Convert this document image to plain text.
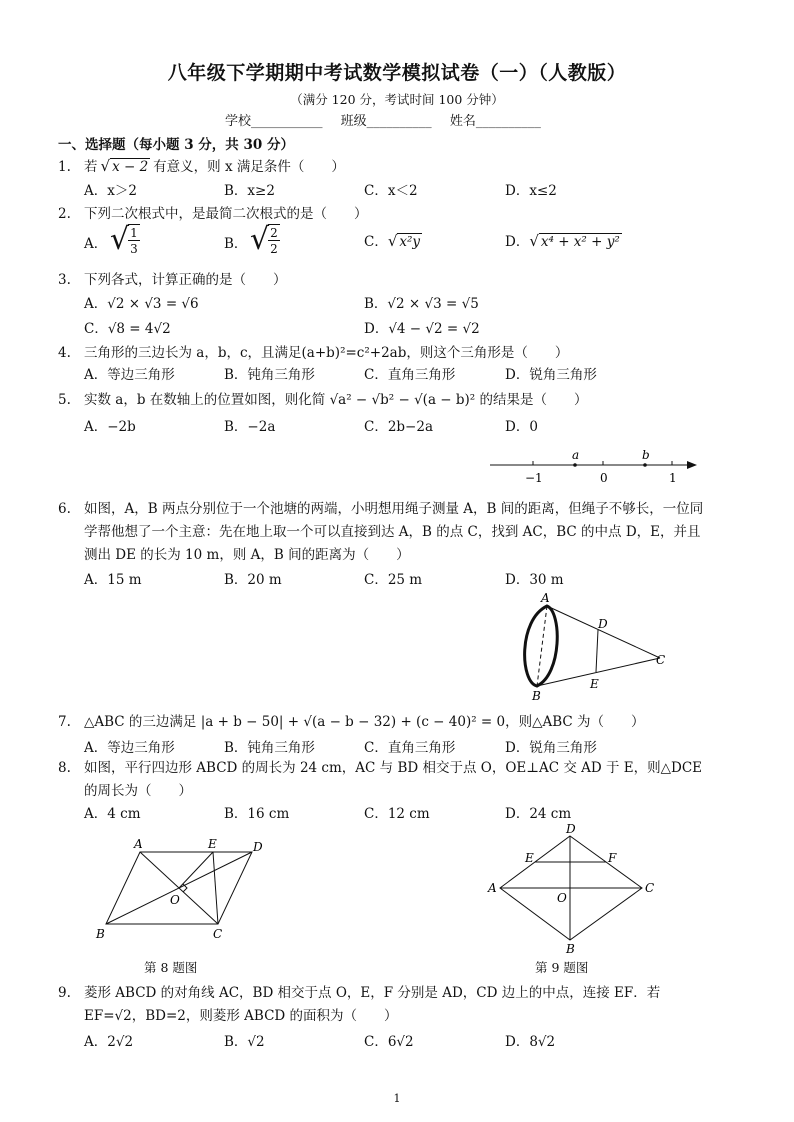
八年级下学期期中考试数学模拟试卷（一）（人教版）
（满分 120 分，考试时间 100 分钟）
学校___________ 班级__________ 姓名__________
一、选择题（每小题 3 分，共 30 分）
1. 若 √ x − 2 有意义，则 x 满足条件（　　）
A．x＞2	B．x≥2	C．x＜2	D．x≤2
2. 下列二次根式中，是最简二次根式的是（　　）
A． √ 1
3	B． √ 2
2	C．√ x²y	D．√ x⁴ + x² + y²
3. 下列各式，计算正确的是（　　）
A．√2 × √3 = √6	B．√2 × √3 = √5
C．√8 = 4√2	D．√4 − √2 = √2
4. 三角形的三边长为 a，b，c，且满足(a+b)²=c²+2ab，则这个三角形是（　　）
A．等边三角形	B．钝角三角形	C．直角三角形	D．锐角三角形
5. 实数 a，b 在数轴上的位置如图，则化简 √a² − √b² − √(a − b)² 的结果是（　　）
A．−2b	B．−2a	C．2b−2a	D．0
a	b
−1	0	1
6. 如图，A，B 两点分别位于一个池塘的两端，小明想用绳子测量 A，B 间的距离，但绳子不够长，一位同学帮他想了一个主意：先在地上取一个可以直接到达 A，B 的点 C，找到 AC，BC 的中点 D，E，并且测出 DE 的长为 10 m，则 A，B 间的距离为（　　）
A．15 m	B．20 m	C．25 m	D．30 m
A
B
C
D
E
7. △ABC 的三边满足 |a + b − 50| + √(a − b − 32) + (c − 40)² = 0，则△ABC 为（　　）
A．等边三角形	B．钝角三角形	C．直角三角形	D．锐角三角形
8. 如图，平行四边形 ABCD 的周长为 24 cm，AC 与 BD 相交于点 O，OE⊥AC 交 AD 于 E，则△DCE 的周长为（　　）
A．4 cm	B．16 cm	C．12 cm	D．24 cm
A	E	D
O
B	C
第 8 题图
D
E	F
A
O
C
B
第 9 题图
9. 菱形 ABCD 的对角线 AC，BD 相交于点 O，E，F 分别是 AD，CD 边上的中点，连接 EF．若 EF=√2，BD=2，则菱形 ABCD 的面积为（　　）
A．2√2	B．√2	C．6√2	D．8√2
1
